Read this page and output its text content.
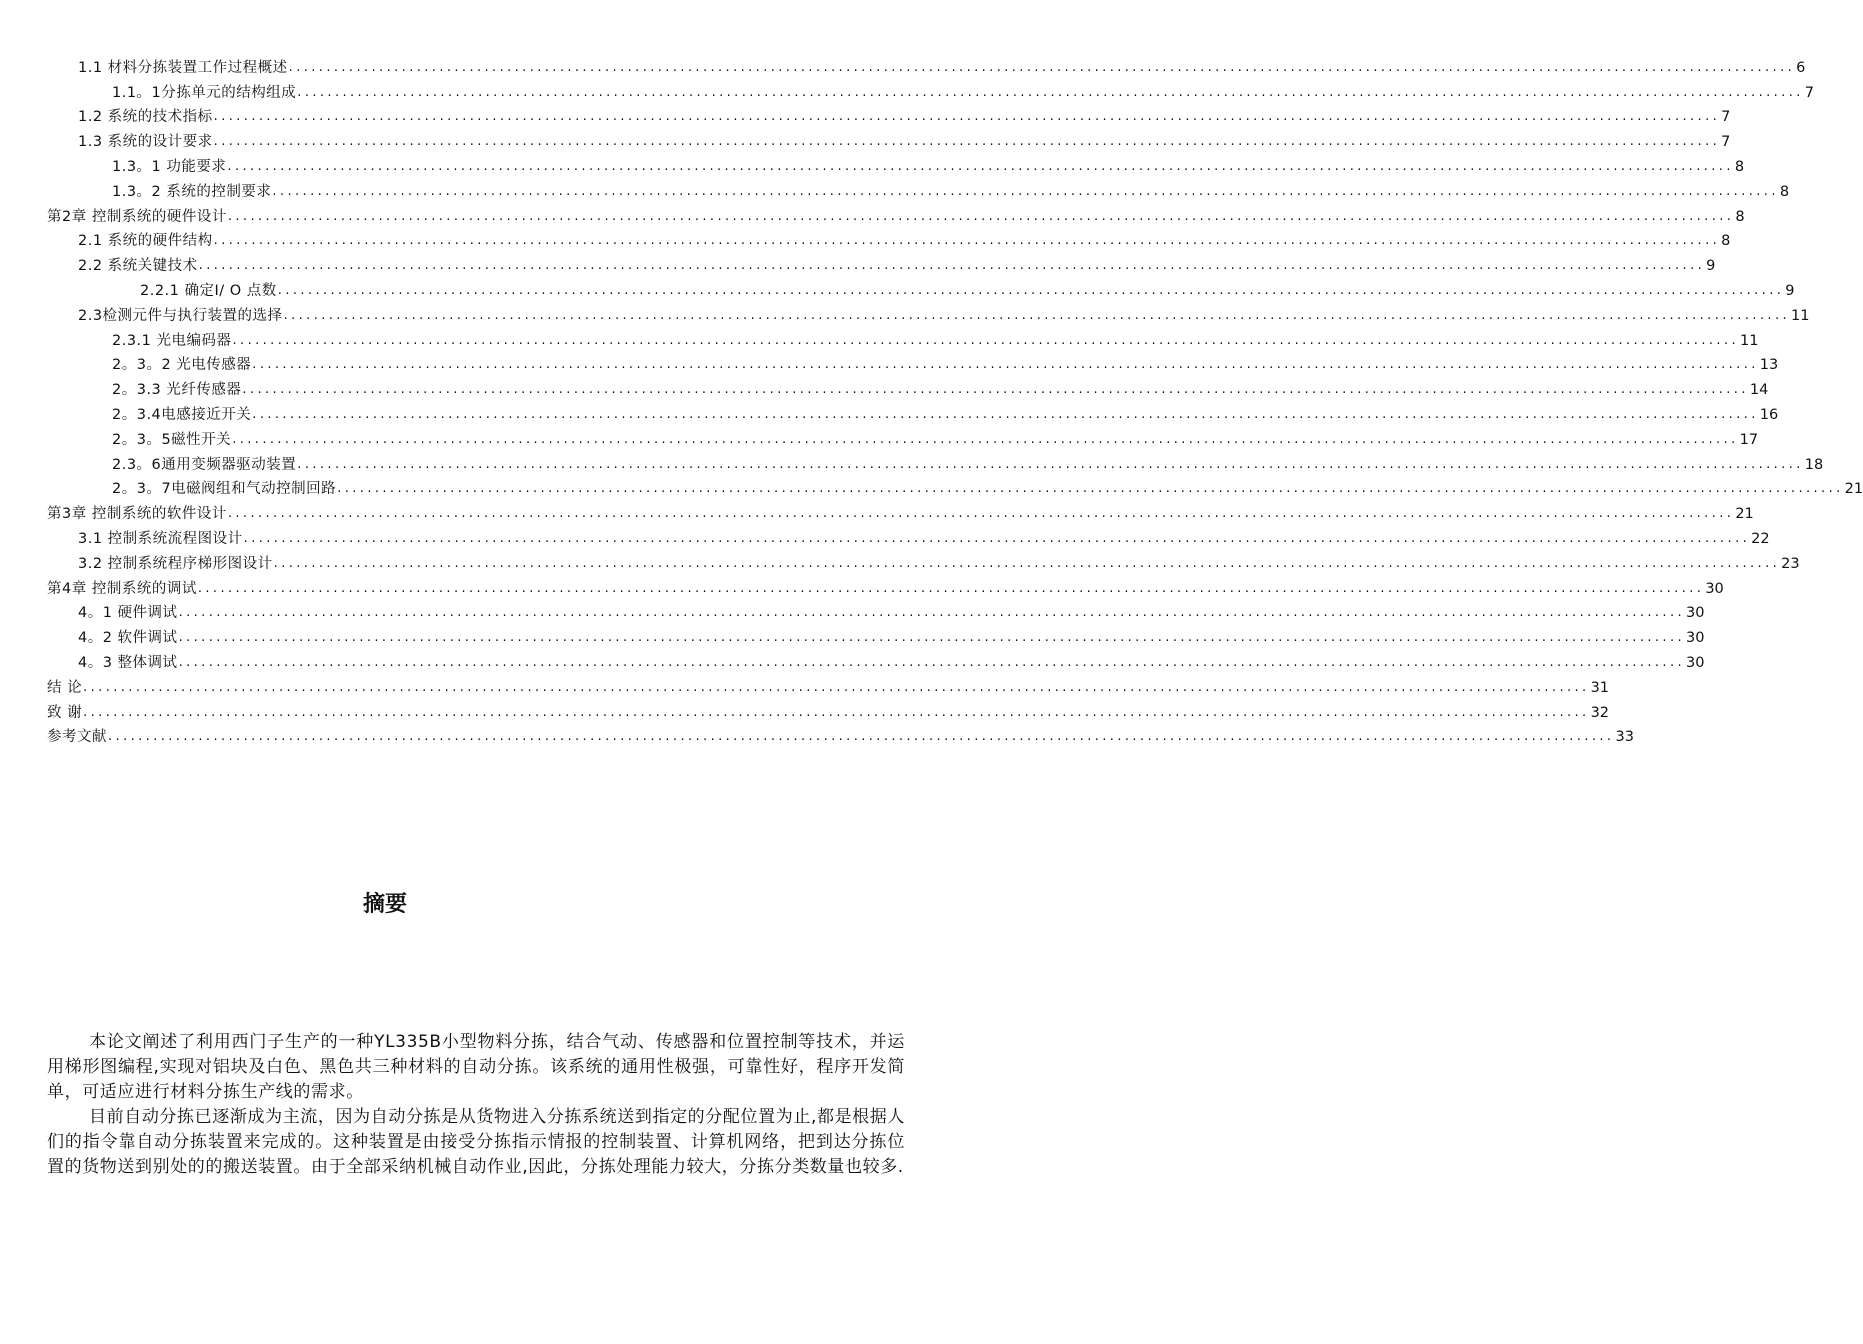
1.1 材料分拣装置工作过程概述 ........................................................................................................................................................................................................ 6
1.1。1分拣单元的结构组成 ........................................................................................................................................................................................................ 7
1.2 系统的技术指标 ........................................................................................................................................................................................................ 7
1.3 系统的设计要求 ........................................................................................................................................................................................................ 7
1.3。1 功能要求 ........................................................................................................................................................................................................ 8
1.3。2 系统的控制要求 ........................................................................................................................................................................................................ 8
第2章 控制系统的硬件设计 ........................................................................................................................................................................................................ 8
2.1 系统的硬件结构 ........................................................................................................................................................................................................ 8
2.2 系统关键技术 ........................................................................................................................................................................................................ 9
2.2.1 确定I/ O 点数 ........................................................................................................................................................................................................ 9
2.3检测元件与执行装置的选择 ........................................................................................................................................................................................................ 11
2.3.1 光电编码器 ........................................................................................................................................................................................................ 11
2。3。2 光电传感器 ........................................................................................................................................................................................................ 13
2。3.3 光纤传感器 ........................................................................................................................................................................................................ 14
2。3.4电感接近开关 ........................................................................................................................................................................................................ 16
2。3。5磁性开关 ........................................................................................................................................................................................................ 17
2.3。6通用变频器驱动装置 ........................................................................................................................................................................................................ 18
2。3。7电磁阀组和气动控制回路 ........................................................................................................................................................................................................ 21
第3章 控制系统的软件设计 ........................................................................................................................................................................................................ 21
3.1 控制系统流程图设计 ........................................................................................................................................................................................................ 22
3.2 控制系统程序梯形图设计 ........................................................................................................................................................................................................ 23
第4章 控制系统的调试 ........................................................................................................................................................................................................ 30
4。1 硬件调试 ........................................................................................................................................................................................................ 30
4。2 软件调试 ........................................................................................................................................................................................................ 30
4。3 整体调试 ........................................................................................................................................................................................................ 30
结 论 ........................................................................................................................................................................................................ 31
致 谢 ........................................................................................................................................................................................................ 32
参考文献 ........................................................................................................................................................................................................ 33
摘要

本论文阐述了利用西门子生产的一种YL335B小型物料分拣，结合气动、传感器和位置控制等技术，并运用梯形图编程,实现对铝块及白色、黑色共三种材料的自动分拣。该系统的通用性极强，可靠性好，程序开发简单，可适应进行材料分拣生产线的需求。

目前自动分拣已逐渐成为主流，因为自动分拣是从货物进入分拣系统送到指定的分配位置为止,都是根据人们的指令靠自动分拣装置来完成的。这种装置是由接受分拣指示情报的控制装置、计算机网络，把到达分拣位置的货物送到别处的的搬送装置。由于全部采纳机械自动作业,因此，分拣处理能力较大，分拣分类数量也较多.
